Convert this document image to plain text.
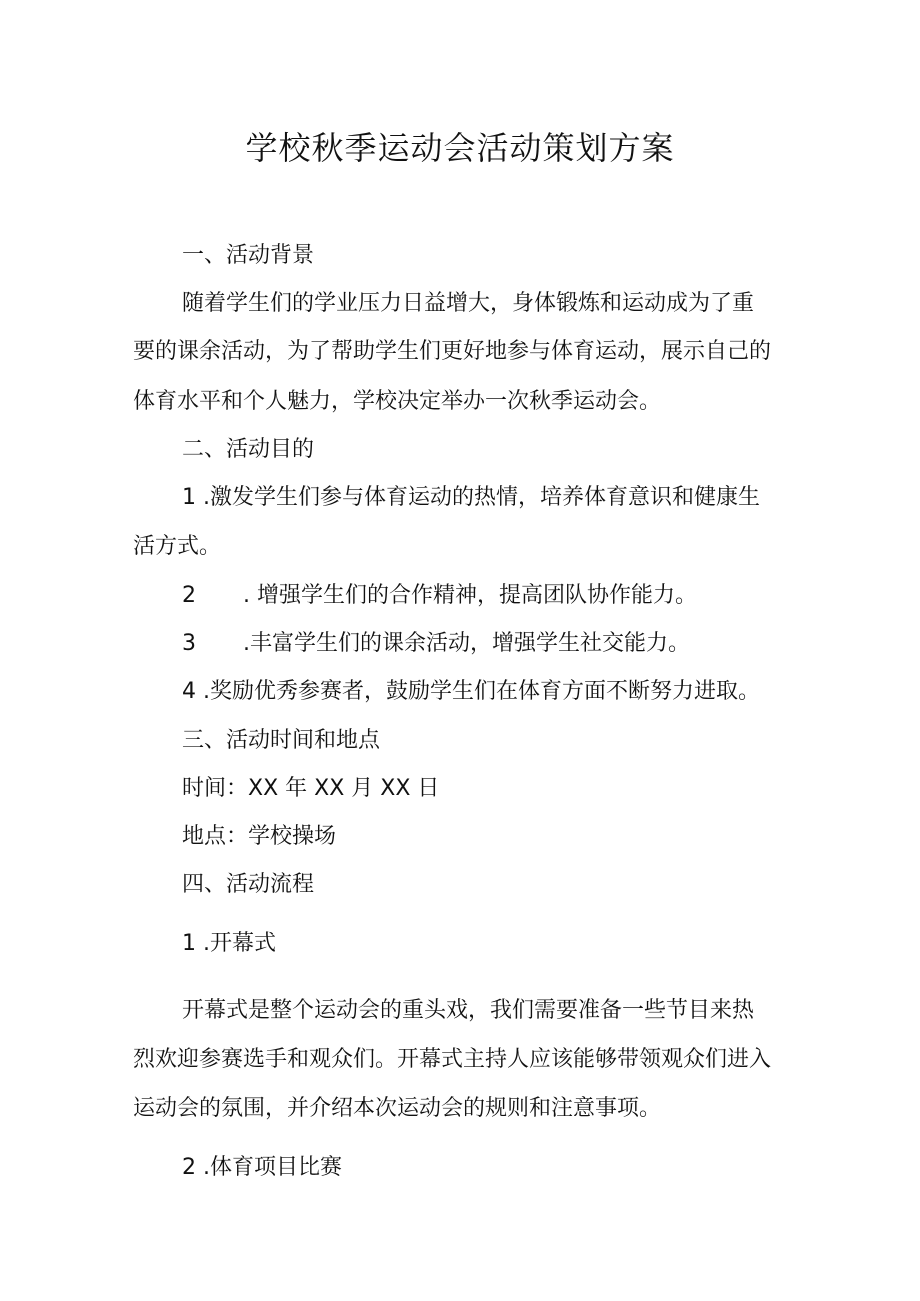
学校秋季运动会活动策划方案
一、活动背景
随着学生们的学业压力日益增大，身体锻炼和运动成为了重
要的课余活动，为了帮助学生们更好地参与体育运动，展示自己的
体育水平和个人魅力，学校决定举办一次秋季运动会。
二、活动目的
1 .激发学生们参与体育运动的热情，培养体育意识和健康生
活方式。
2 . 增强学生们的合作精神，提高团队协作能力。
3 .丰富学生们的课余活动，增强学生社交能力。
4 .奖励优秀参赛者，鼓励学生们在体育方面不断努力进取。
三、活动时间和地点
时间：XX 年 XX 月 XX 日
地点：学校操场
四、活动流程
1 .开幕式
开幕式是整个运动会的重头戏，我们需要准备一些节目来热
烈欢迎参赛选手和观众们。开幕式主持人应该能够带领观众们进入
运动会的氛围，并介绍本次运动会的规则和注意事项。
2 .体育项目比赛
